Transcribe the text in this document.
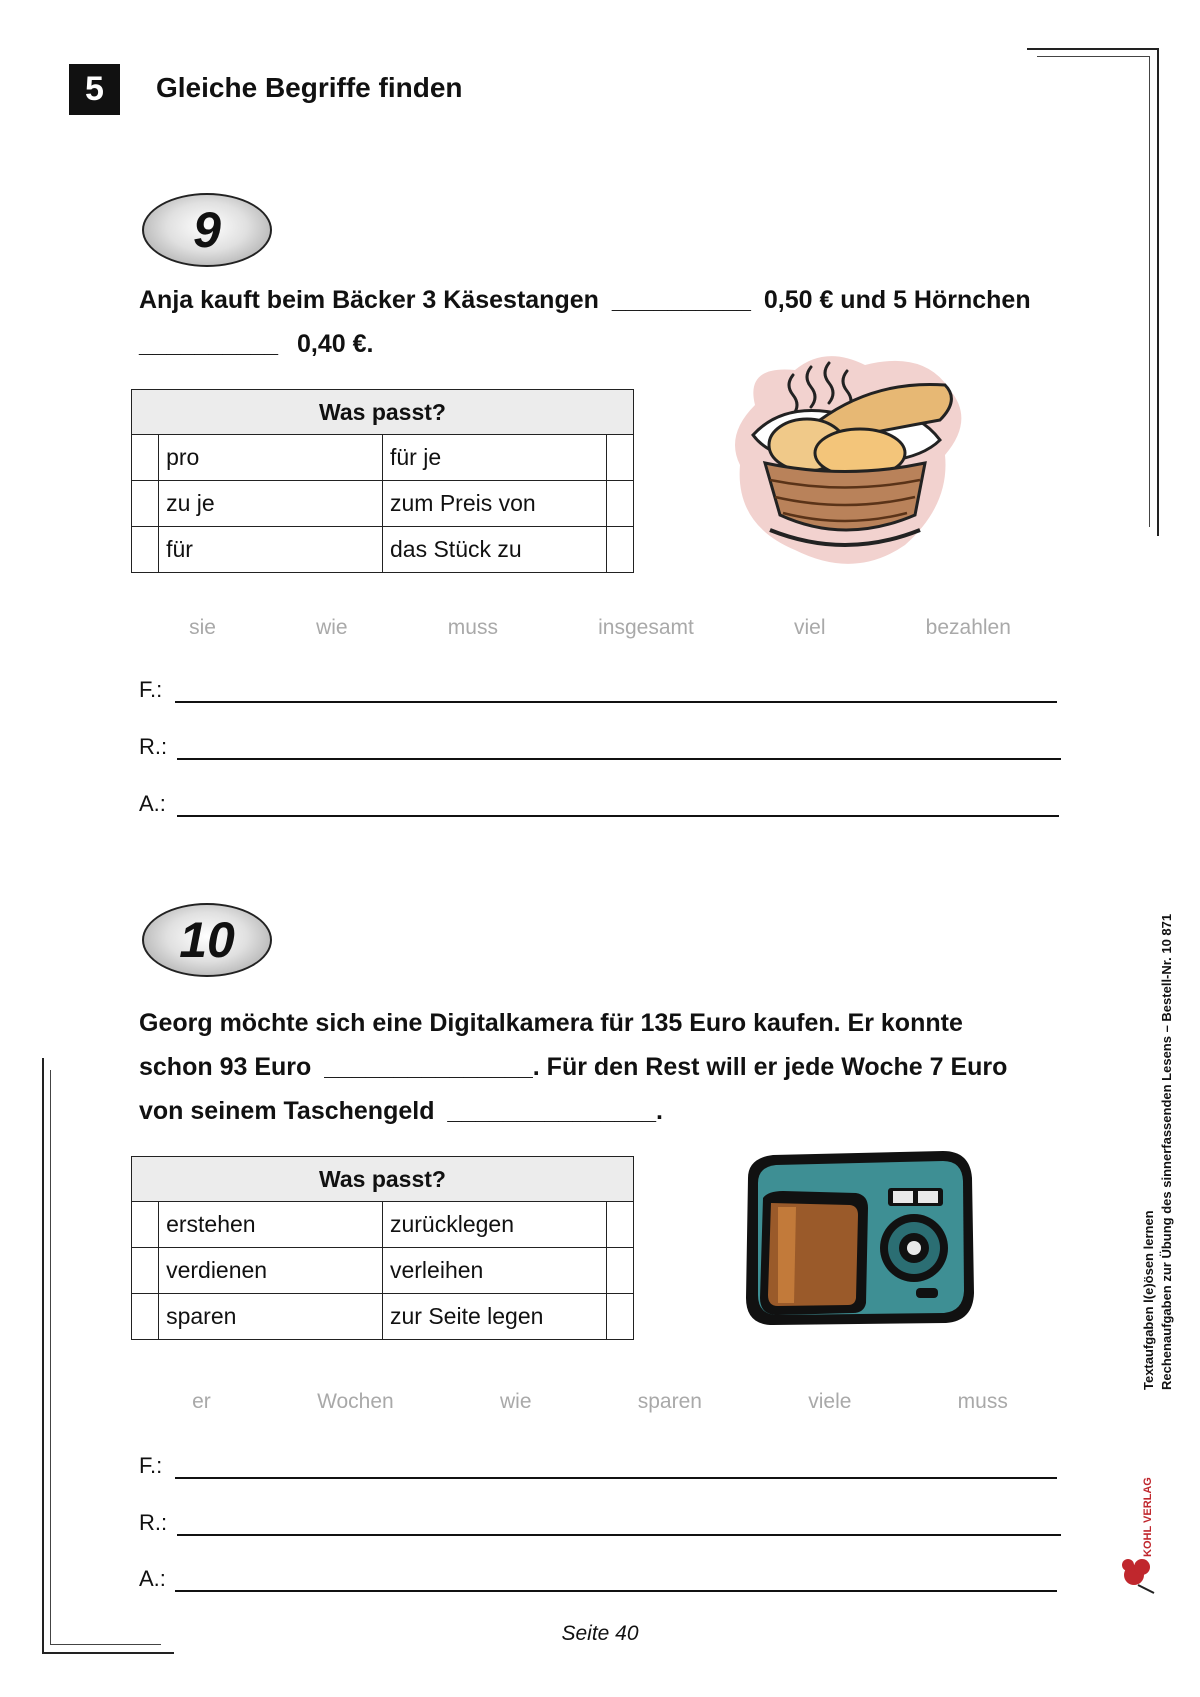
5	Gleiche Begriffe finden
9
Anja kauft beim Bäcker 3 Käsestangen __________ 0,50 € und 5 Hörnchen
__________ 0,40 €.
Was passt?			
	pro	für je	
	zu je	zum Preis von	
	für	das Stück zu	
sie	wie	muss	insgesamt	viel	bezahlen
F.:
R.:
A.:
10
Georg möchte sich eine Digitalkamera für 135 Euro kaufen. Er konnte
schon 93 Euro _______________. Für den Rest will er jede Woche 7 Euro
von seinem Taschengeld _______________.
Was passt?			
	erstehen	zurücklegen	
	verdienen	verleihen	
	sparen	zur Seite legen	
er	Wochen	wie	sparen	viele	muss
F.:
R.:
A.:
Textaufgaben l(e)ösen lernen Rechenaufgaben zur Übung des sinnerfassenden Lesens – Bestell-Nr. 10 871
KOHL VERLAG
Seite 40
